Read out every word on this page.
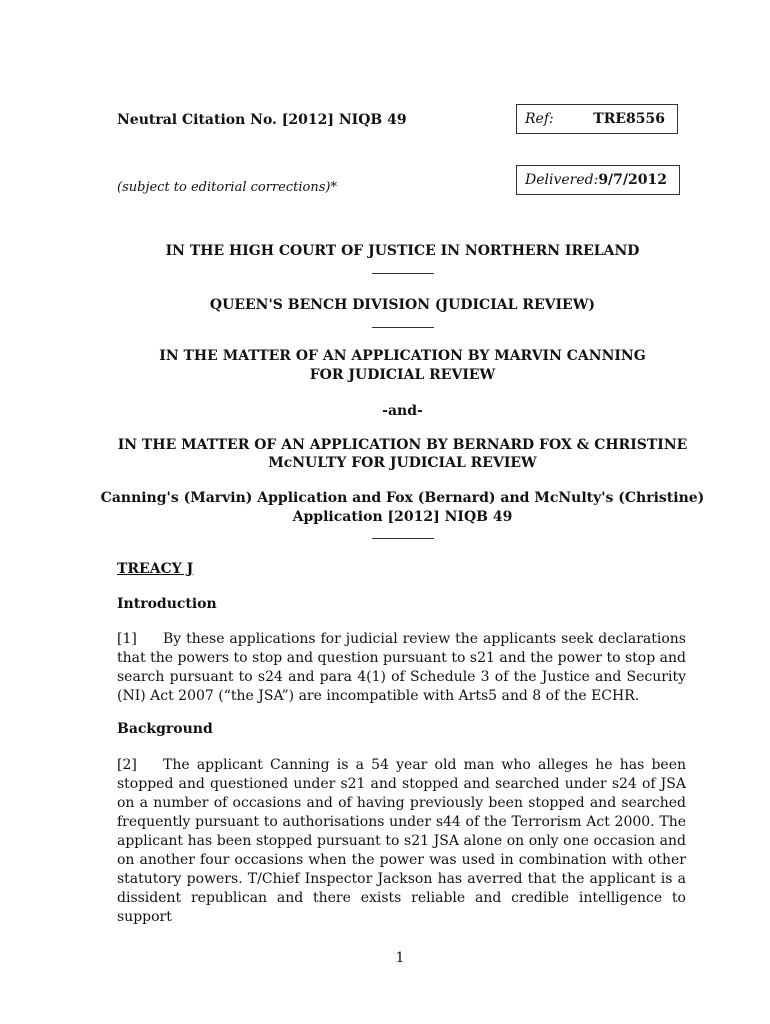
Neutral Citation No. [2012] NIQB 49	Ref:	TRE8556
Delivered: 9/7/2012
(subject to editorial corrections)*
IN THE HIGH COURT OF JUSTICE IN NORTHERN IRELAND
QUEEN'S BENCH DIVISION (JUDICIAL REVIEW)
IN THE MATTER OF AN APPLICATION BY MARVIN CANNING
FOR JUDICIAL REVIEW
-and-
IN THE MATTER OF AN APPLICATION BY BERNARD FOX & CHRISTINE
McNULTY FOR JUDICIAL REVIEW
Canning's (Marvin) Application and Fox (Bernard) and McNulty's (Christine)
Application [2012] NIQB 49
TREACY J
Introduction
[1] By these applications for judicial review the applicants seek declarations that the powers to stop and question pursuant to s21 and the power to stop and search pursuant to s24 and para 4(1) of Schedule 3 of the Justice and Security (NI) Act 2007 (“the JSA”) are incompatible with Arts5 and 8 of the ECHR.
Background
[2] The applicant Canning is a 54 year old man who alleges he has been stopped and questioned under s21 and stopped and searched under s24 of JSA on a number of occasions and of having previously been stopped and searched frequently pursuant to authorisations under s44 of the Terrorism Act 2000. The applicant has been stopped pursuant to s21 JSA alone on only one occasion and on another four occasions when the power was used in combination with other statutory powers. T/Chief Inspector Jackson has averred that the applicant is a dissident republican and there exists reliable and credible intelligence to support
1
